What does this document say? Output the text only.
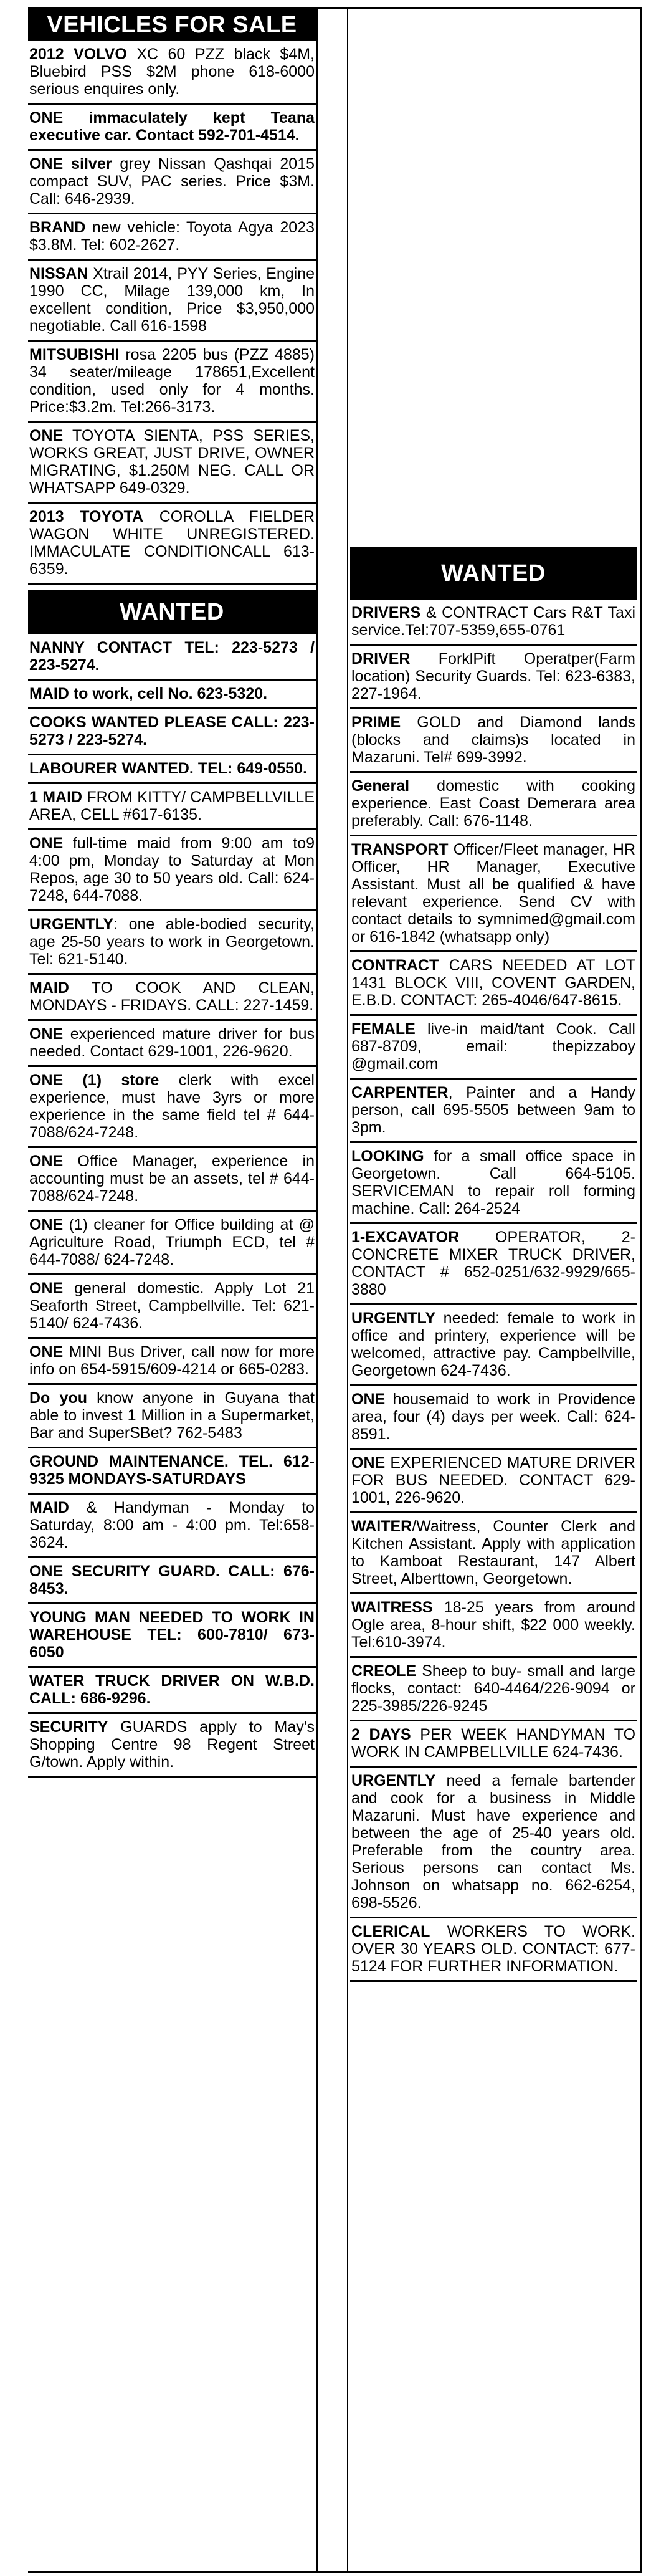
VEHICLES FOR SALE
2012 VOLVO XC 60 PZZ black $4M, Bluebird PSS $2M phone 618-6000 serious enquires only.
ONE immaculately kept Teana executive car. Contact 592-701-4514.
ONE silver grey Nissan Qashqai 2015 compact SUV, PAC series. Price $3M. Call: 646-2939.
BRAND new vehicle: Toyota Agya 2023 $3.8M. Tel: 602-2627.
NISSAN Xtrail 2014, PYY Series, Engine 1990 CC, Milage 139,000 km, In excellent condition, Price $3,950,000 negotiable. Call 616-1598
MITSUBISHI rosa 2205 bus (PZZ 4885) 34 seater/mileage 178651,Excellent condition, used only for 4 months. Price:$3.2m. Tel:266-3173.
ONE TOYOTA SIENTA, PSS SERIES, WORKS GREAT, JUST DRIVE, OWNER MIGRATING, $1.250M NEG. CALL OR WHATSAPP 649-0329.
2013 TOYOTA COROLLA FIELDER WAGON WHITE UNREGISTERED. IMMACULATE CONDITIONCALL 613-6359.
WANTED
NANNY CONTACT TEL: 223-5273 / 223-5274.
MAID to work, cell No. 623-5320.
COOKS WANTED PLEASE CALL: 223-5273 / 223-5274.
LABOURER WANTED. TEL: 649-0550.
1 MAID FROM KITTY/ CAMPBELLVILLE AREA, CELL #617-6135.
ONE full-time maid from 9:00 am to9 4:00 pm, Monday to Saturday at Mon Repos, age 30 to 50 years old. Call: 624-7248, 644-7088.
URGENTLY: one able-bodied security, age 25-50 years to work in Georgetown. Tel: 621-5140.
MAID TO COOK AND CLEAN, MONDAYS - FRIDAYS. CALL: 227-1459.
ONE experienced mature driver for bus needed. Contact 629-1001, 226-9620.
ONE (1) store clerk with excel experience, must have 3yrs or more experience in the same field tel # 644-7088/624-7248.
ONE Office Manager, experience in accounting must be an assets, tel # 644-7088/624-7248.
ONE (1) cleaner for Office building at @ Agriculture Road, Triumph ECD, tel # 644-7088/ 624-7248.
ONE general domestic. Apply Lot 21 Seaforth Street, Campbellville. Tel: 621-5140/ 624-7436.
ONE MINI Bus Driver, call now for more info on 654-5915/609-4214 or 665-0283.
Do you know anyone in Guyana that able to invest 1 Million in a Supermarket, Bar and SuperSBet? 762-5483
GROUND MAINTENANCE. TEL. 612-9325 MONDAYS-SATURDAYS
MAID & Handyman - Monday to Saturday, 8:00 am - 4:00 pm. Tel:658-3624.
ONE SECURITY GUARD. CALL: 676-8453.
YOUNG MAN NEEDED TO WORK IN WAREHOUSE TEL: 600-7810/ 673-6050
WATER TRUCK DRIVER ON W.B.D. CALL: 686-9296.
SECURITY GUARDS apply to May's Shopping Centre 98 Regent Street G/town. Apply within.
WANTED
DRIVERS & CONTRACT Cars R&T Taxi service.Tel:707-5359,655-0761
DRIVER ForklPift Operatper(Farm location) Security Guards. Tel: 623-6383, 227-1964.
PRIME GOLD and Diamond lands (blocks and claims)s located in Mazaruni. Tel# 699-3992.
General domestic with cooking experience. East Coast Demerara area preferably. Call: 676-1148.
TRANSPORT Officer/Fleet manager, HR Officer, HR Manager, Executive Assistant. Must all be qualified & have relevant experience. Send CV with contact details to symnimed@gmail.com or 616-1842 (whatsapp only)
CONTRACT CARS NEEDED AT LOT 1431 BLOCK VIII, COVENT GARDEN, E.B.D. CONTACT: 265-4046/647-8615.
FEMALE live-in maid/tant Cook. Call 687-8709, email: thepizzaboy @gmail.com
CARPENTER, Painter and a Handy person, call 695-5505 between 9am to 3pm.
LOOKING for a small office space in Georgetown. Call 664-5105. SERVICEMAN to repair roll forming machine. Call: 264-2524
1-EXCAVATOR OPERATOR, 2- CONCRETE MIXER TRUCK DRIVER, CONTACT # 652-0251/632-9929/665-3880
URGENTLY needed: female to work in office and printery, experience will be welcomed, attractive pay. Campbellville, Georgetown 624-7436.
ONE housemaid to work in Providence area, four (4) days per week. Call: 624-8591.
ONE EXPERIENCED MATURE DRIVER FOR BUS NEEDED. CONTACT 629-1001, 226-9620.
WAITER/Waitress, Counter Clerk and Kitchen Assistant. Apply with application to Kamboat Restaurant, 147 Albert Street, Alberttown, Georgetown.
WAITRESS 18-25 years from around Ogle area, 8-hour shift, $22 000 weekly. Tel:610-3974.
CREOLE Sheep to buy- small and large flocks, contact: 640-4464/226-9094 or 225-3985/226-9245
2 DAYS PER WEEK HANDYMAN TO WORK IN CAMPBELLVILLE 624-7436.
URGENTLY need a female bartender and cook for a business in Middle Mazaruni. Must have experience and between the age of 25-40 years old. Preferable from the country area. Serious persons can contact Ms. Johnson on whatsapp no. 662-6254, 698-5526.
CLERICAL WORKERS TO WORK. OVER 30 YEARS OLD. CONTACT: 677-5124 FOR FURTHER INFORMATION.
